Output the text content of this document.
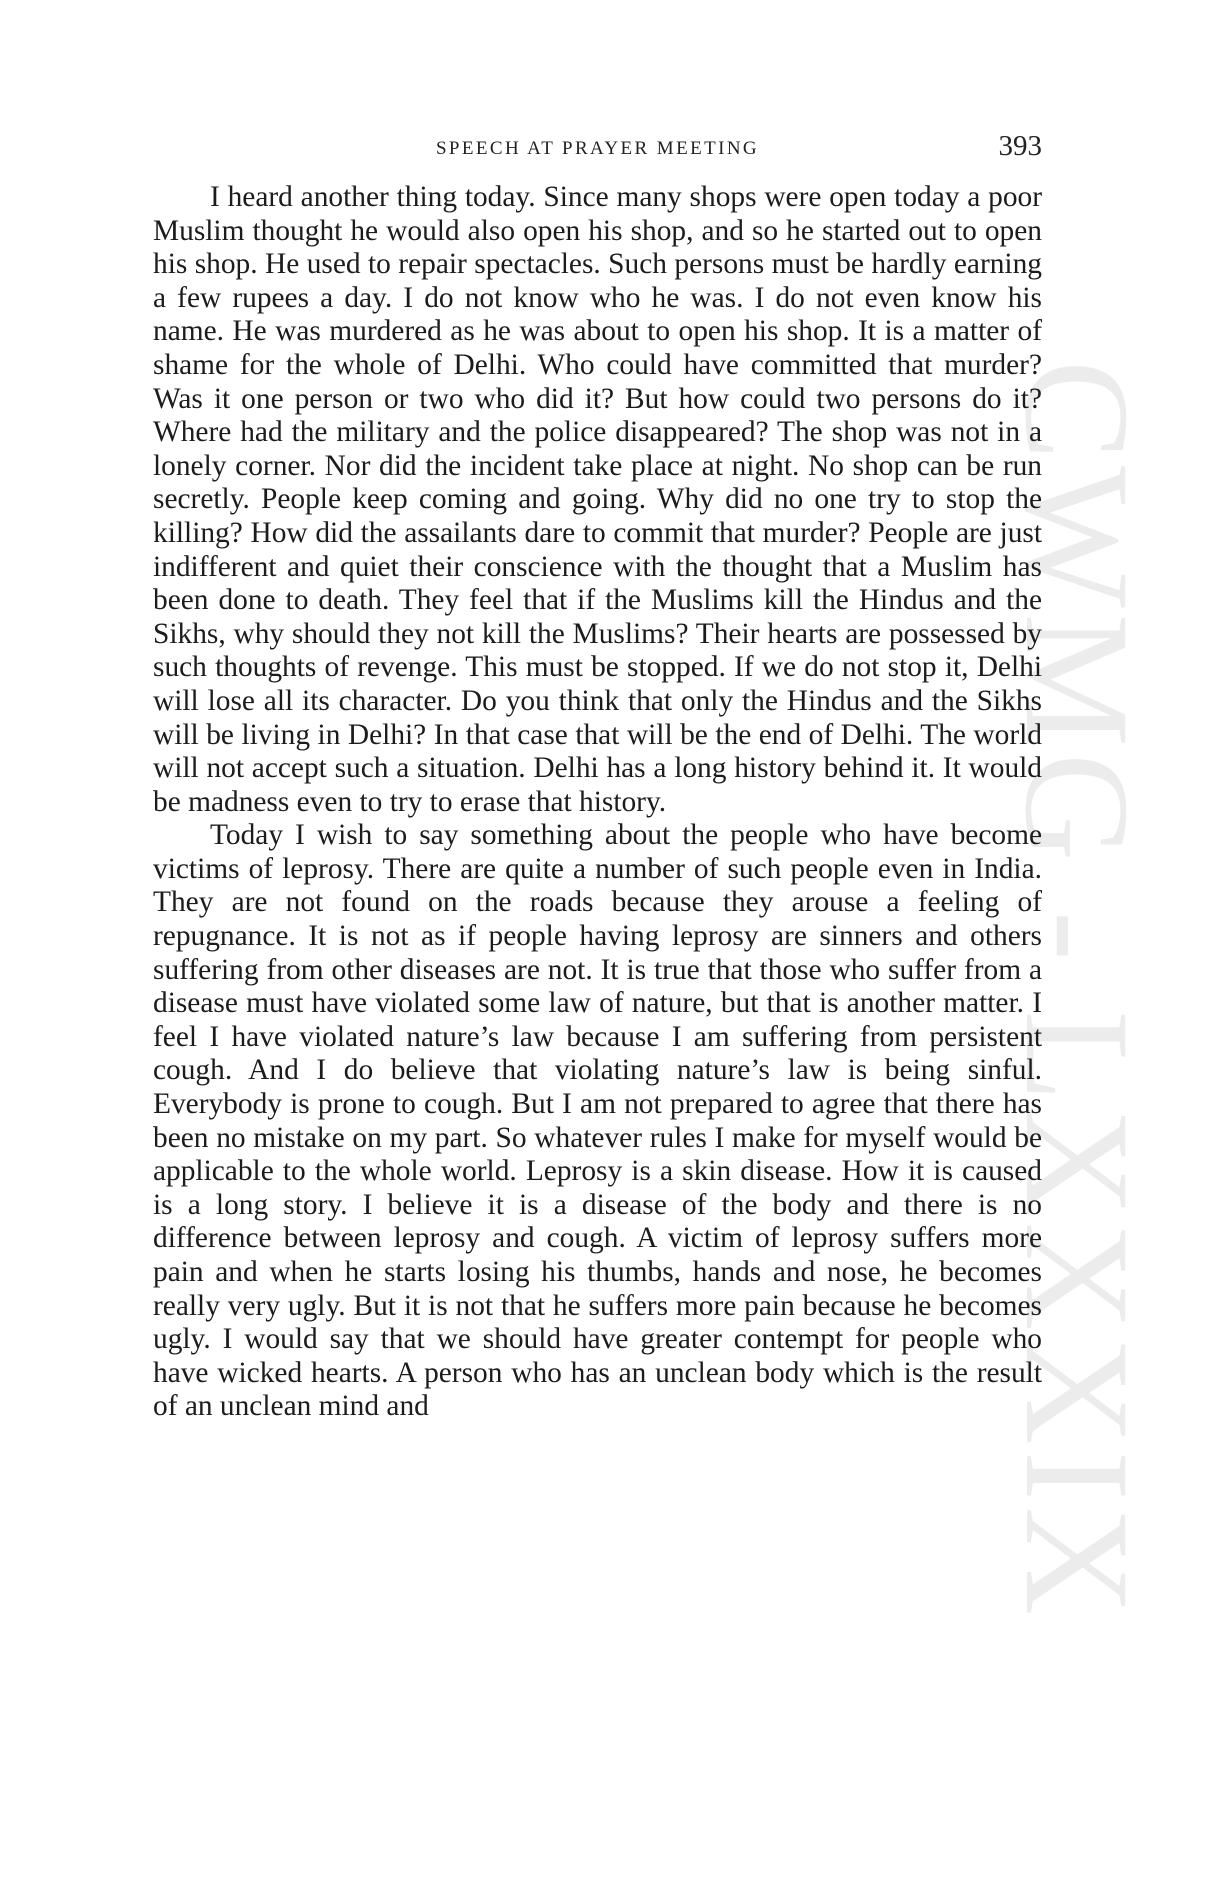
CWMG - LXXXIX
SPEECH AT PRAYER MEETING	393

I heard another thing today. Since many shops were open today a poor Muslim thought he would also open his shop, and so he started out to open his shop. He used to repair spectacles. Such persons must be hardly earning a few rupees a day. I do not know who he was. I do not even know his name. He was murdered as he was about to open his shop. It is a matter of shame for the whole of Delhi. Who could have committed that murder? Was it one person or two who did it? But how could two persons do it? Where had the military and the police disappeared? The shop was not in a lonely corner. Nor did the incident take place at night. No shop can be run secretly. People keep coming and going. Why did no one try to stop the killing? How did the assailants dare to commit that murder? People are just indifferent and quiet their conscience with the thought that a Muslim has been done to death. They feel that if the Muslims kill the Hindus and the Sikhs, why should they not kill the Muslims? Their hearts are possessed by such thoughts of revenge. This must be stopped. If we do not stop it, Delhi will lose all its character. Do you think that only the Hindus and the Sikhs will be living in Delhi? In that case that will be the end of Delhi. The world will not accept such a situation. Delhi has a long history behind it. It would be madness even to try to erase that history.

Today I wish to say something about the people who have become victims of leprosy. There are quite a number of such people even in India. They are not found on the roads because they arouse a feeling of repugnance. It is not as if people having leprosy are sinners and others suffering from other diseases are not. It is true that those who suffer from a disease must have violated some law of nature, but that is another matter. I feel I have violated nature’s law because I am suffering from persistent cough. And I do believe that violating nature’s law is being sinful. Everybody is prone to cough. But I am not prepared to agree that there has been no mistake on my part. So whatever rules I make for myself would be applicable to the whole world. Leprosy is a skin disease. How it is caused is a long story. I believe it is a disease of the body and there is no difference between leprosy and cough. A victim of leprosy suffers more pain and when he starts losing his thumbs, hands and nose, he becomes really very ugly. But it is not that he suffers more pain because he becomes ugly. I would say that we should have greater contempt for people who have wicked hearts. A person who has an unclean body which is the result of an unclean mind and
